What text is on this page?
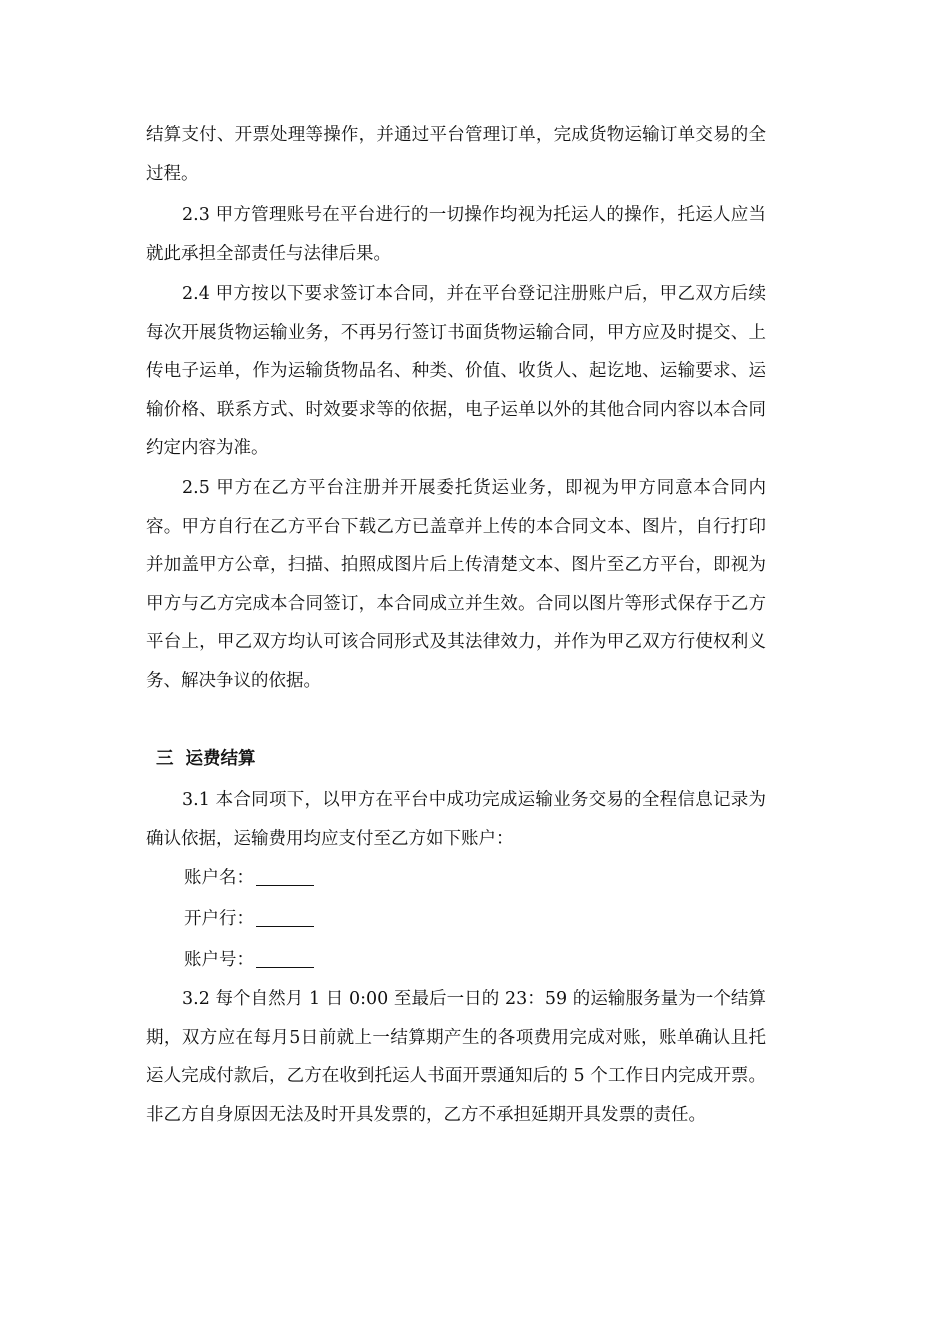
结算支付、开票处理等操作，并通过平台管理订单，完成货物运输订单交易的全过程。

2.3 甲方管理账号在平台进行的一切操作均视为托运人的操作，托运人应当就此承担全部责任与法律后果。

2.4 甲方按以下要求签订本合同，并在平台登记注册账户后，甲乙双方后续每次开展货物运输业务，不再另行签订书面货物运输合同，甲方应及时提交、上传电子运单，作为运输货物品名、种类、价值、收货人、起讫地、运输要求、运输价格、联系方式、时效要求等的依据，电子运单以外的其他合同内容以本合同约定内容为准。

2.5 甲方在乙方平台注册并开展委托货运业务，即视为甲方同意本合同内容。甲方自行在乙方平台下载乙方已盖章并上传的本合同文本、图片，自行打印并加盖甲方公章，扫描、拍照成图片后上传清楚文本、图片至乙方平台，即视为甲方与乙方完成本合同签订，本合同成立并生效。合同以图片等形式保存于乙方平台上，甲乙双方均认可该合同形式及其法律效力，并作为甲乙双方行使权利义务、解决争议的依据。

三 运费结算

3.1 本合同项下，以甲方在平台中成功完成运输业务交易的全程信息记录为确认依据，运输费用均应支付至乙方如下账户：

账户名：

开户行：

账户号：

3.2 每个自然月 1 日 0:00 至最后一日的 23：59 的运输服务量为一个结算期，双方应在每月5日前就上一结算期产生的各项费用完成对账，账单确认且托运人完成付款后，乙方在收到托运人书面开票通知后的 5 个工作日内完成开票。非乙方自身原因无法及时开具发票的，乙方不承担延期开具发票的责任。
